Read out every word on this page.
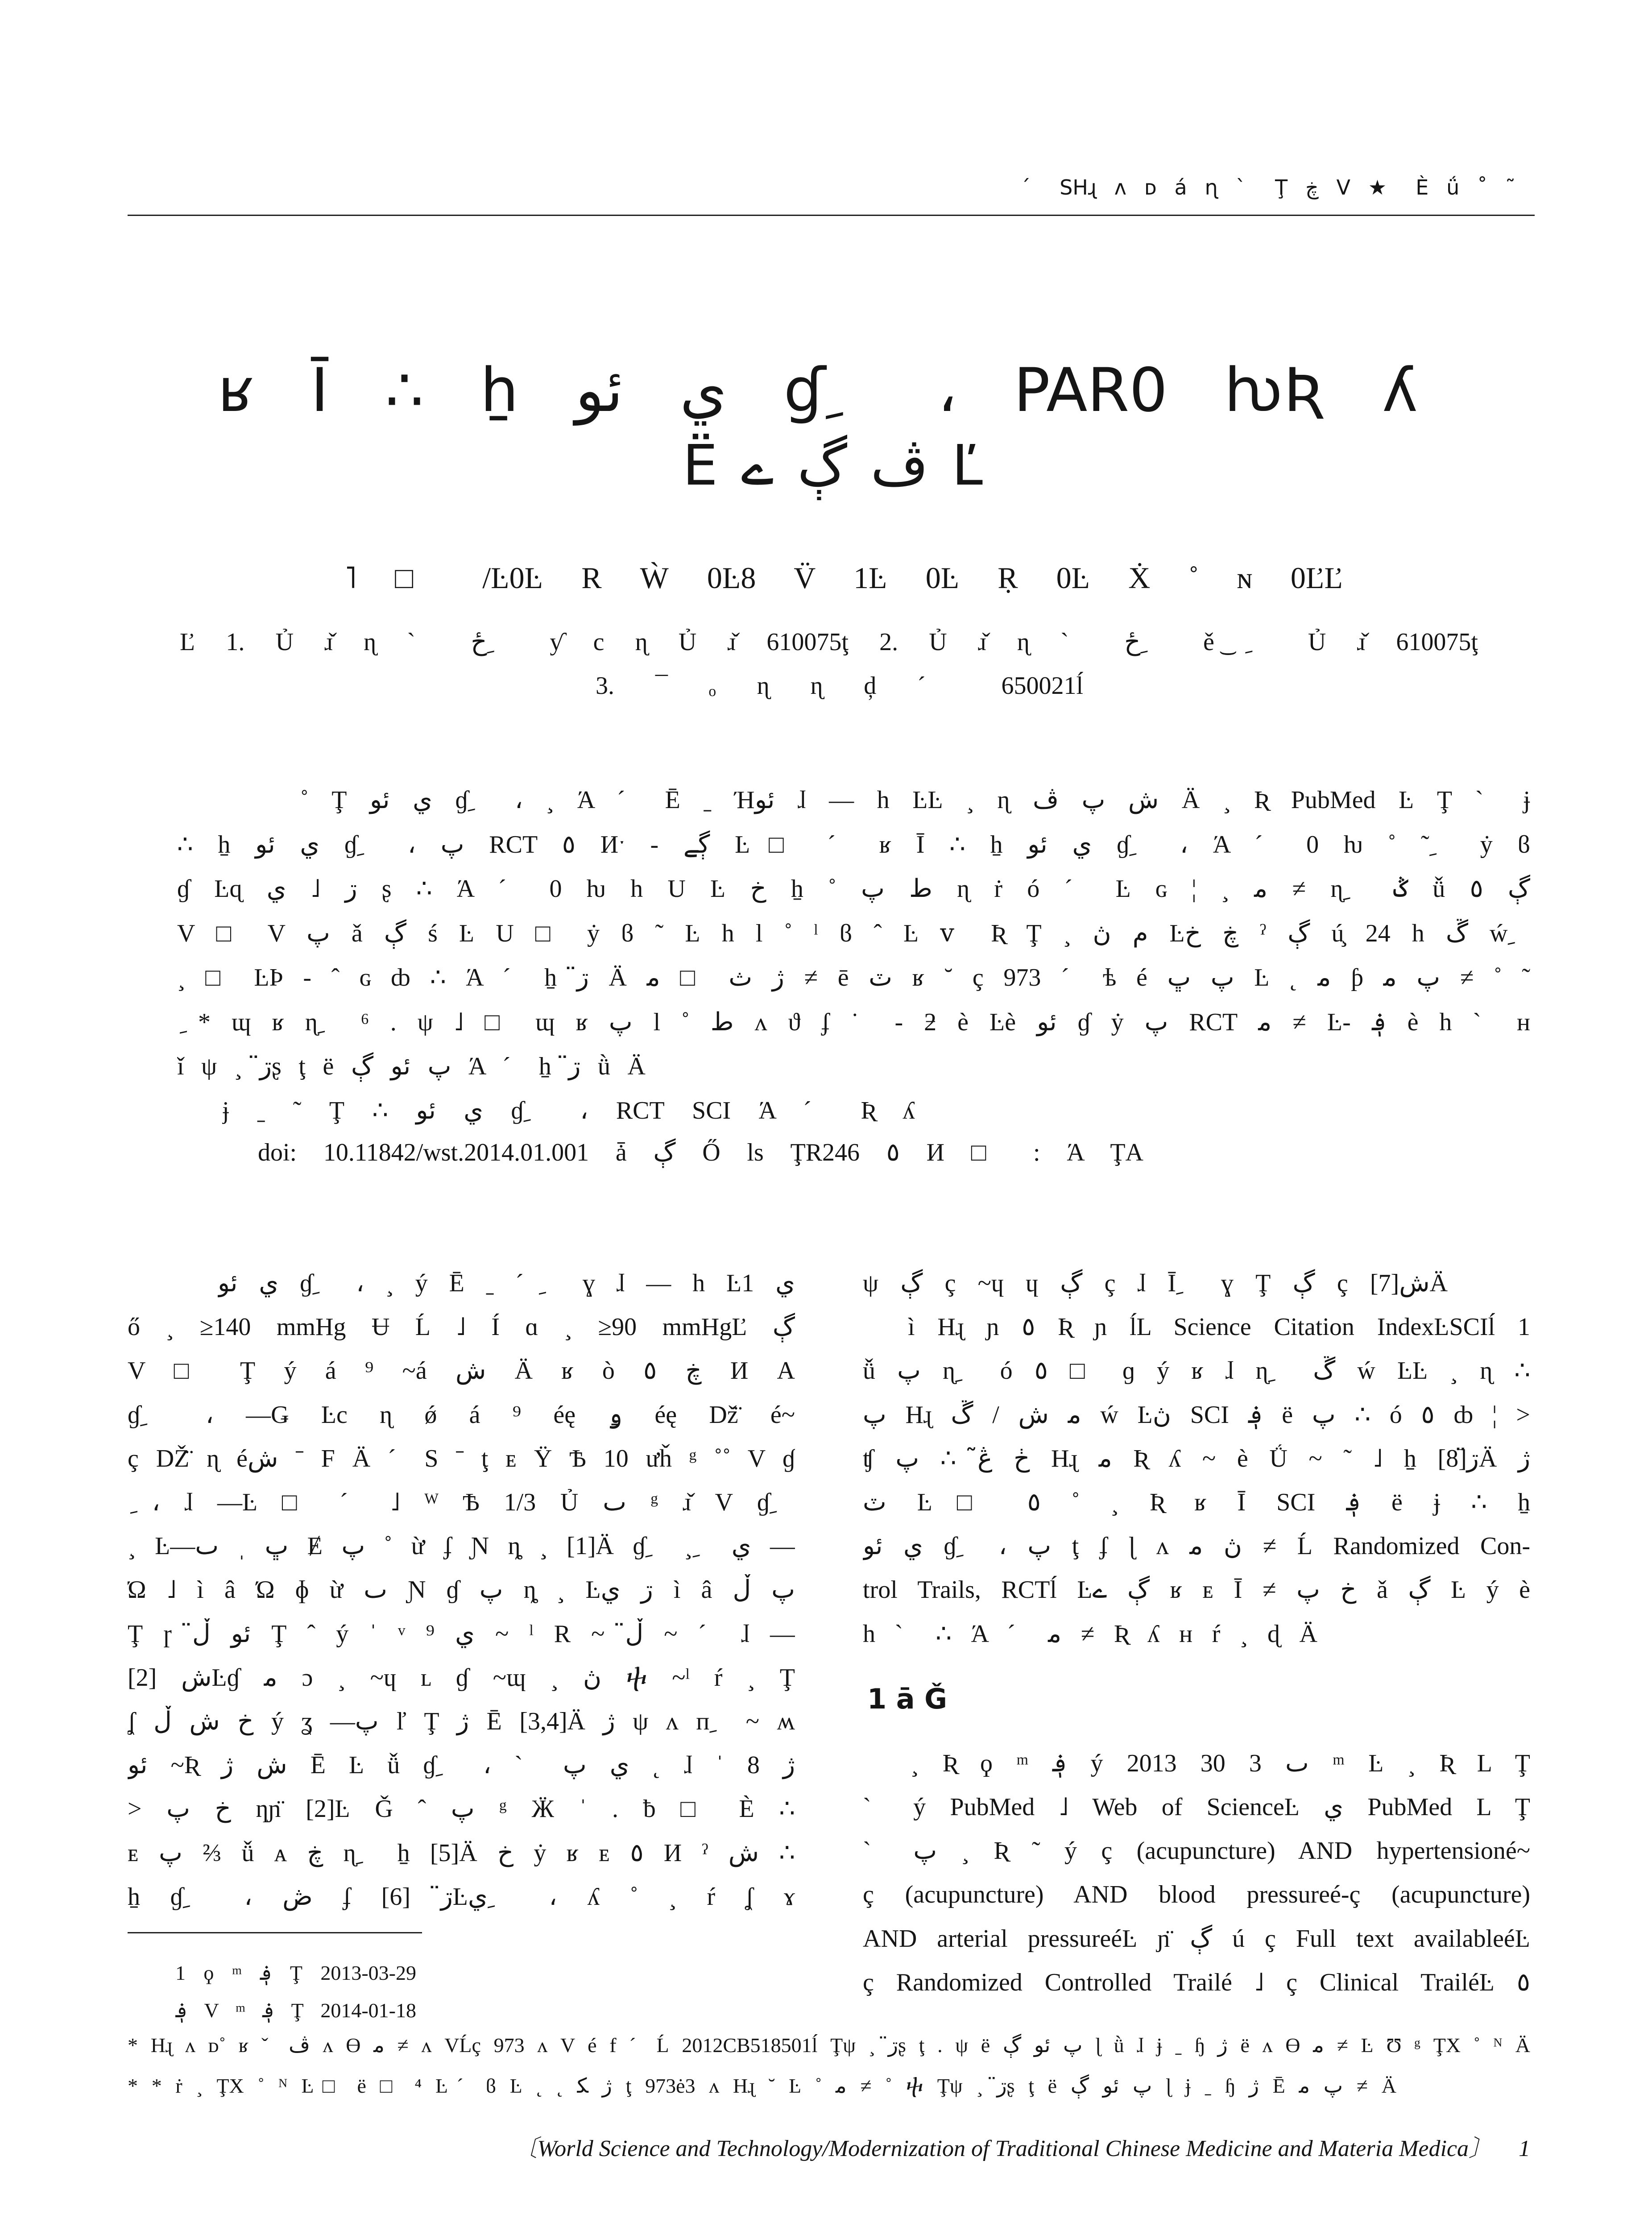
ˊ ЅΗɻ ᴧ ᴅ á ɳ ˋ Ţ ڿ V ★ È ǘ ˚ ˜
ʁ Ī ∴ ẖ ي ئو ɠ ِ ، PAR0 ƕƦ ʎ
Ë ڤ ڳ ے Ľ
˥ □ /Ŀ0Ŀ R Ẁ 0Ŀ8 V̈ 1Ŀ 0Ŀ Ṛ 0Ŀ Ẋ ˚ ɴ 0ĽĽ
Ľ 1. Ủ ɹ̌ ɳ ˋ ځ ِ ƴ c ɳ Ủ ɹ̌ 610075ţ 2. Ủ ɹ̌ ɳ ˋ ځ ِ ě ͜ ِ Ủ ɹ̌ 610075ţ
3. ¯ ₒ ɳ ɳ ḑ ˊ 650021ĺ
˚ Ţ ي ئو ɠ ِ ، ¸ Ά ˊ Ē ˍ Ήئو ɺ — h ĿĿ ¸ ɳ ش پ ڤ Ä ¸ Ʀ PubMed Ŀ Ţ ˋ ɉ
∴ ẖ ي ئو ɠ ِ ، پ RCT ٥ Иˑ - ڳے Ŀ□ ˊ ʁ Ī ∴ ẖ ي ئو ɠ ِ ، Ά ˊ 0 ƕ ˚ ˜ ِ ẏ ϐ
ɠ Ŀɋ ڗ ˩ ي ʂ ∴ Ά ˊ 0 ƕ h U Ŀ خ ẖ ˚ ط پ ɳ ṙ ó ˊ Ŀ ɢ ¦ ¸ ﻣ ≠ ɳ ِ ݣ ǚ ڳ ٥
V □ V پ ǎ ڳ ś Ŀ U □ ẏ ϐ ˜ Ŀ h l ˚ ˡ ϐ ˆ Ŀ ⅴ Ʀ Ţ ¸ ﻡ ڽ Ŀڿ خ ˀ ڳ ú̧ 24 h ڴ ẃ ِ
¸ □ ĿÞ - ˆ ɢ ȸ ∴ Ά ˊ ẖ ڗ̈ Ä ژ ث □ ﻣ ≠ ē ٽ ʁ ˘ ç 973 ˊ ѣ é پ ڀ Ŀ ˛ ﻣ ƥ پ ﻣ ≠ ˚ ˜
ِ * ɰ ʁ ɳ ِ ⁶ . ψ ˩ □ ɰ ʁ پ l ˚ ط ᴧ ϑ ʄ ˙ - ƻ è Ŀè ئو ɠ ẏ پ RCT ﻣ ≠ Ŀ- ؋ è h ˋ ʜ
ǐ ψ ¸ ڗ̈ʂ ţ ë پ ئو ڳ Ά ˊ ẖ ڗ̈ ǜ Ä
ɉ ˍ ˜ Ţ ∴ ي ئو ɠ ِ ، RCT SCI Ά ˊ Ʀ ʎ
doi: 10.11842/wst.2014.01.001 ǡ ڳ Ő ls ŢR246 ٥ И □ : Ά ŢA
ي ئو ɠ ِ ، ¸ ý Ē ˍ ˊ ِ ɣ ɺ — h Ŀي 1
ő ¸ ≥140 mmHg Ʉ Ĺ ˩ Í ɑ ¸ ≥90 mmHgĽ ڳ
V □ Ţ ý á ⁹ ~á ش Ä ʁ ò ڿ ٥ И A
ɠ ِ ، —Ǥ Ŀc ɳ ǿ á ⁹ éę ۅ éę Dž̈ é~
ç DŽ̈ ɳ éش ˉ F Ä ˊ Ѕ ˉ ţ ᴇ Ÿ Ѣ 10 ưȟ ᵍ ˚˚ V ɠ
ِ ، ɺ —Ŀ □ ˊ ˩ ᵂ Ѣ 1/3 Ủ ٮ ᵍ ɹ̌ V ɠ ِ
¸ Ŀ—ڀ ˌ ٮ Ɇ پ ˚ ừ ʄ Ɲ ȵ ¸ [1]Ä ɠ ِ ¸ ِ ي —
Ώ ˩ ì â Ώ ɸ ừ ٮ Ɲ ɠ پ ȵ ¸ Ŀڗ ي ì â پ ڵ
Ţ ɼ ئو ڵ̈ Ţ ˆ ý ˈ ᵛ ⁹ ي ~ ˡ R ~ ڵ̈ ~ ˊ ɺ —
ش [2]Ŀɠ ﻣ ɔ ¸ ~ɥ ʟ ɠ ~ɰ ¸ ڽ ⴕ ~ˡ ŕ ¸ Ţ
ʆ خ ش ڵ ý ʓ —پ ľ Ţ ژ Ē [3,4]Ä ژ ψ ᴧ п ِ ~ ʍ
ئو ~Ʀ ش ژ Ē Ŀ ǚ ɠ ِ ، ˋ ي پ ˛ ɺ ˈ 8 ژ
> خ پ ƞɲ̈ [2]Ŀ Ǧ ˆ پ ᵍ Ӝ ˈ . ƀ □ È ∴
ᴇ پ ⅔ ǚ ᴀ ڿ ɳ ِ ẖ [5]Ä خ ẏ ʁ ᴇ ٥ И ˀ ش ∴
ẖ ɠ ِ ، ڞ ʄ ڗ̈ [6]Ŀي ِ ، ʎ ˚ ¸ ŕ ʆ ɤ
ψ ڳ ç ~ɥ ɥ ڳ ç ɺ Ī ِ ɣ Ţ ڳ ç ش[7]Ä
ì Ηɻ ɲ ٥ Ʀ ɲ ĺL Science Citation IndexĿSCIĺ 1
ǚ پ ɳ ِ ó ٥ □ ɡ ý ʁ ɺ ɳ ِ ڴ ẃ ĿĿ ¸ ɳ ∴
پ Ηɻ ﻣ ش / ڴ ẃ Ŀڽ SCI ؋ ë پ ∴ ó ٥ ȸ ¦ >
ʧ ڂ ڠ̃ ∴ پ Ηɻ ﻣ Ʀ ʎ ~ è Ǘ ~ ˜ ˩ ẖ ڗ̈[8]Ä ژ
ٽ Ŀ□ ٥ ˚ ¸ Ʀ ʁ Ī SCI ؋ ë ɉ ∴ ẖ
ي ئو ɠ ِ ، پ ţ ʄ ɭ ᴧ ڽ ﻣ ≠ Ĺ Randomized Con-
trol Trails, RCTĺ Ŀڳ ے ʁ ᴇ Ī ≠ خ پ ǎ ڳ Ŀ ý è
h ˋ ∴ Ά ˊ ﻣ ≠ Ʀ ʎ ʜ ŕ ¸ ɖ Ä
1 ā Ǧ
¸ Ʀ ϙ ᵐ ؋ ý 2013 ٮ 3 30 ᵐ Ŀ ¸ Ʀ L Ţ
ˋ ý PubMed ˩ Web of ScienceĿ ي PubMed L Ţ
ˋ پ ¸ Ʀ ˜ ý ç (acupuncture) AND hypertensioné~
ç (acupuncture) AND blood pressureé-ç (acupuncture)
AND arterial pressureéĿ ɲ̈ ڳ ú ç Full text availableéĿ
ç Randomized Controlled Trailé ˩ ç Clinical TrailéĿ ٥
1 ϙ ᵐ ؋ Ţ 2013-03-29
؋ V ᵐ ؋ Ţ 2014-01-18
* Ηɻ ᴧ ᴅ˚ ʁ ˇ ڤ ᴧ ϴ ﻣ ≠ ᴧ VĹç 973 ᴧ V é f ˊ Ĺ 2012CB518501ĺ Ţψ ¸ ڗ̈ʂ ţ . ψ ë پ ئو ڳ ɭ ǜ ɺ ɉ ˍ ɧ ژ ë ᴧ ϴ ﻣ ≠ Ŀ Ʊ ᵍ ŢX ˚ ᴺ Ä
* * ṙ ¸ ŢX ˚ ᴺ Ŀ□ ë □ ⁴ Ŀˊ ϐ Ŀ ˛ ˛ ژ ﻜ ţ 973ė3 ᴧ Ηɻ ˘ Ŀ ˚ ﻣ ≠ ˚ ⴕ Ţψ ¸ ڗ̈ʂ ţ ë پ ئو ڳ ɭ ɉ ˍ ɧ ژ Ē پ ﻣ ≠ Ä
〔World Science and Technology/Modernization of Traditional Chinese Medicine and Materia Medica〕 1
